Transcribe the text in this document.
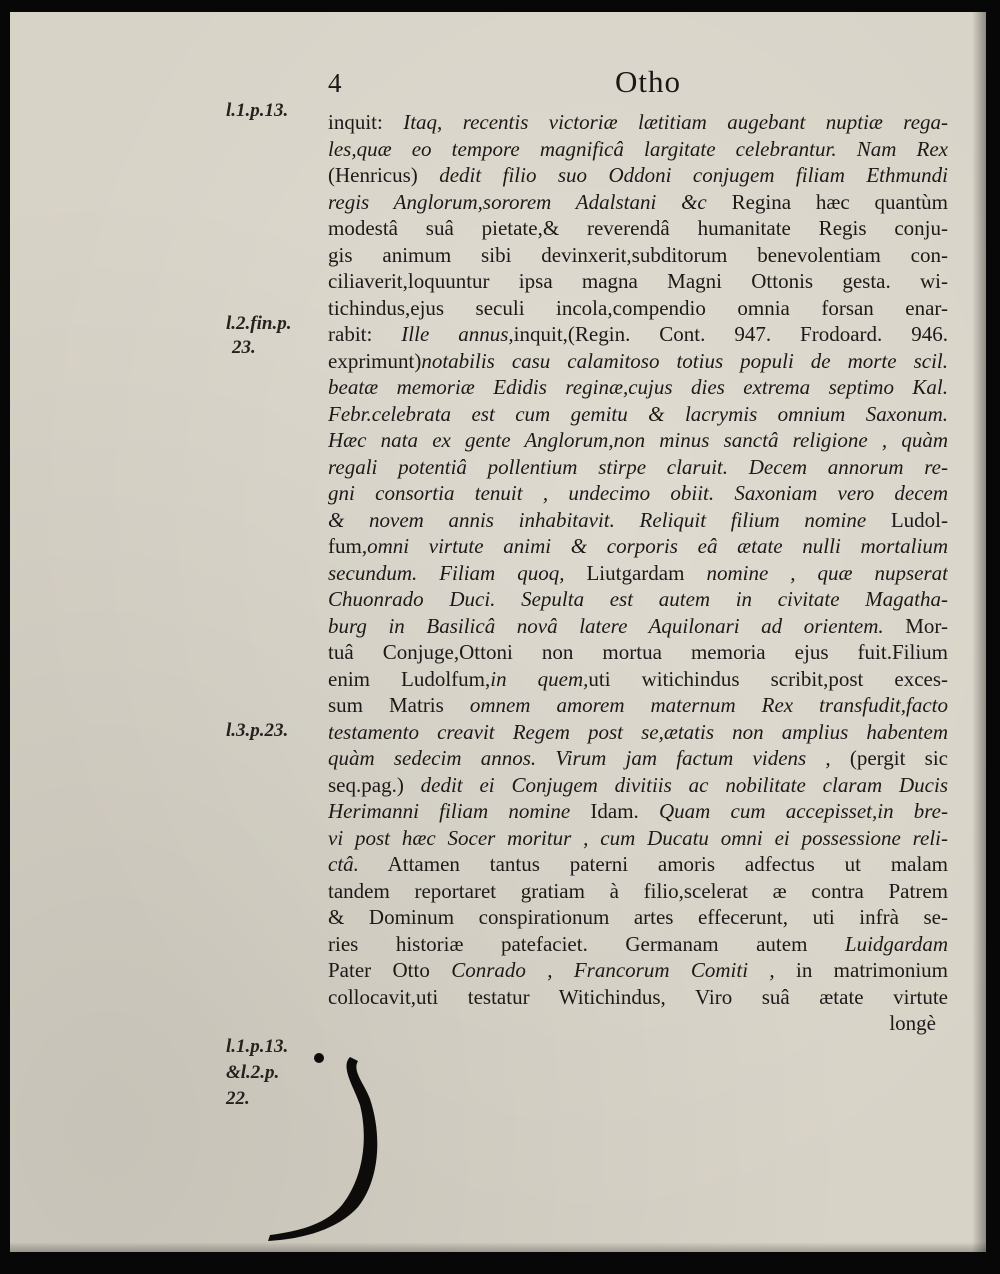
4	Otho
l.1.p.13.
l.2.fin.p.
23.
l.3.p.23.
l.1.p.13.
&l.2.p.
22.
inquit: Itaq, recentis victoriæ lætitiam augebant nuptiæ rega-
les,quæ eo tempore magnificâ largitate celebrantur. Nam Rex
(Henricus) dedit filio suo Oddoni conjugem filiam Ethmundi
regis Anglorum,sororem Adalstani &c Regina hæc quantùm
modestâ suâ pietate,& reverendâ humanitate Regis conju-
gis animum sibi devinxerit,subditorum benevolentiam con-
ciliaverit,loquuntur ipsa magna Magni Ottonis gesta. wi-
tichindus,ejus seculi incola,compendio omnia forsan enar-
rabit: Ille annus,inquit,(Regin. Cont. 947. Frodoard. 946.
exprimunt)notabilis casu calamitoso totius populi de morte scil.
beatæ memoriæ Edidis reginæ,cujus dies extrema septimo Kal.
Febr.celebrata est cum gemitu & lacrymis omnium Saxonum.
Hæc nata ex gente Anglorum,non minus sanctâ religione , quàm
regali potentiâ pollentium stirpe claruit. Decem annorum re-
gni consortia tenuit , undecimo obiit. Saxoniam vero decem
& novem annis inhabitavit. Reliquit filium nomine Ludol-
fum,omni virtute animi & corporis eâ ætate nulli mortalium
secundum. Filiam quoq, Liutgardam nomine , quæ nupserat
Chuonrado Duci. Sepulta est autem in civitate Magatha-
burg in Basilicâ novâ latere Aquilonari ad orientem. Mor-
tuâ Conjuge,Ottoni non mortua memoria ejus fuit.Filium
enim Ludolfum,in quem,uti witichindus scribit,post exces-
sum Matris omnem amorem maternum Rex transfudit,facto
testamento creavit Regem post se,ætatis non amplius habentem
quàm sedecim annos. Virum jam factum videns , (pergit sic
seq.pag.) dedit ei Conjugem divitiis ac nobilitate claram Ducis
Herimanni filiam nomine Idam. Quam cum accepisset,in bre-
vi post hæc Socer moritur , cum Ducatu omni ei possessione reli-
ctâ. Attamen tantus paterni amoris adfectus ut malam
tandem reportaret gratiam à filio,scelerat æ contra Patrem
& Dominum conspirationum artes effecerunt, uti infrà se-
ries historiæ patefaciet. Germanam autem Luidgardam
Pater Otto Conrado , Francorum Comiti , in matrimonium
collocavit,uti testatur Witichindus, Viro suâ ætate virtute
longè
